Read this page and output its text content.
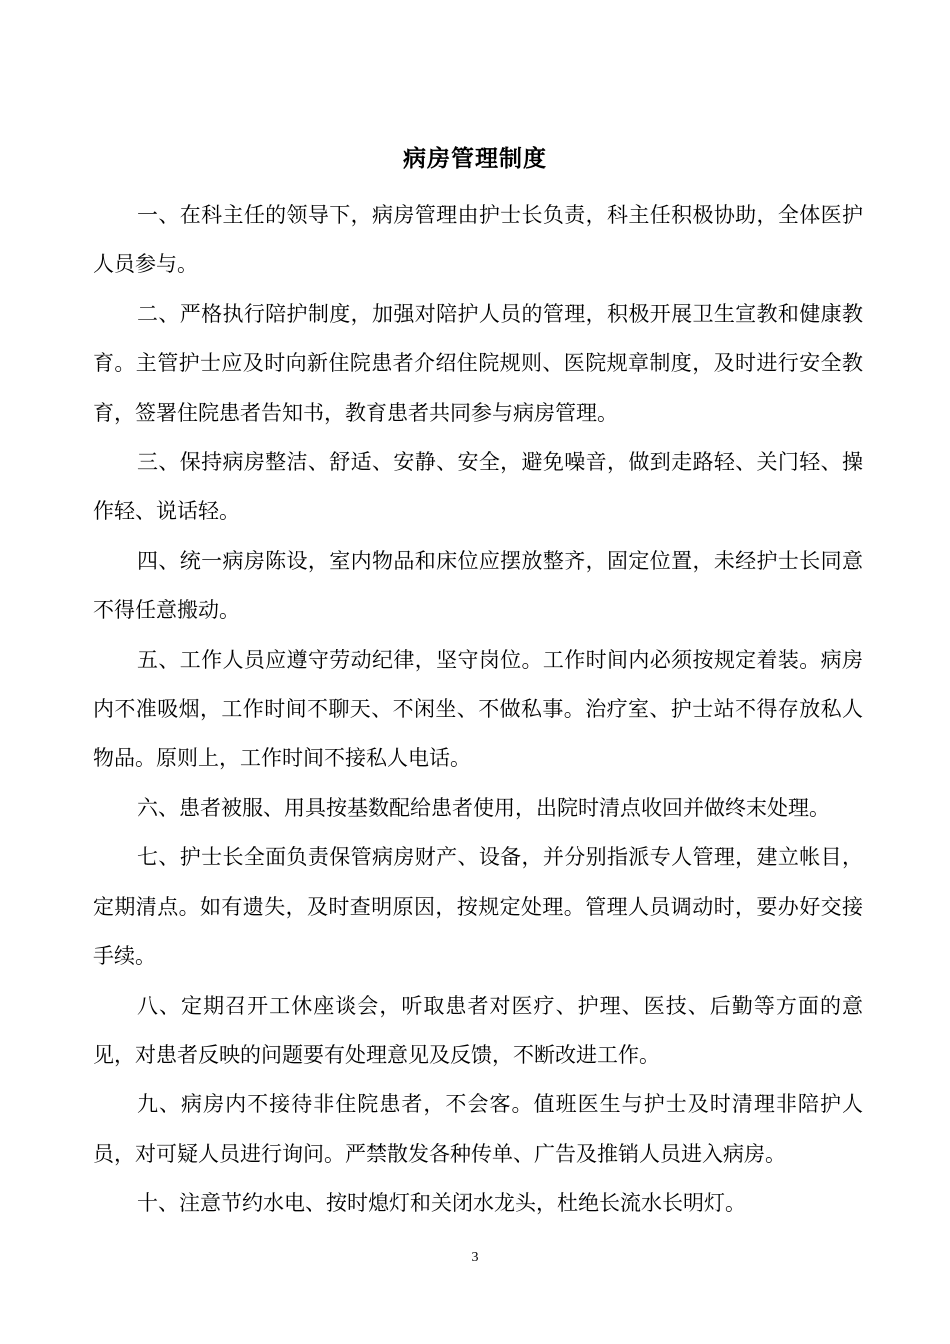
病房管理制度

一、在科主任的领导下，病房管理由护士长负责，科主任积极协助，全体医护人员参与。

二、严格执行陪护制度，加强对陪护人员的管理，积极开展卫生宣教和健康教育。主管护士应及时向新住院患者介绍住院规则、医院规章制度，及时进行安全教育，签署住院患者告知书，教育患者共同参与病房管理。

三、保持病房整洁、舒适、安静、安全，避免噪音，做到走路轻、关门轻、操作轻、说话轻。

四、统一病房陈设，室内物品和床位应摆放整齐，固定位置，未经护士长同意不得任意搬动。

五、工作人员应遵守劳动纪律，坚守岗位。工作时间内必须按规定着装。病房内不准吸烟，工作时间不聊天、不闲坐、不做私事。治疗室、护士站不得存放私人物品。原则上，工作时间不接私人电话。

六、患者被服、用具按基数配给患者使用，出院时清点收回并做终末处理。

七、护士长全面负责保管病房财产、设备，并分别指派专人管理，建立帐目，定期清点。如有遗失，及时查明原因，按规定处理。管理人员调动时，要办好交接手续。

八、定期召开工休座谈会，听取患者对医疗、护理、医技、后勤等方面的意见，对患者反映的问题要有处理意见及反馈，不断改进工作。

九、病房内不接待非住院患者，不会客。值班医生与护士及时清理非陪护人员，对可疑人员进行询问。严禁散发各种传单、广告及推销人员进入病房。

十、注意节约水电、按时熄灯和关闭水龙头，杜绝长流水长明灯。

3
